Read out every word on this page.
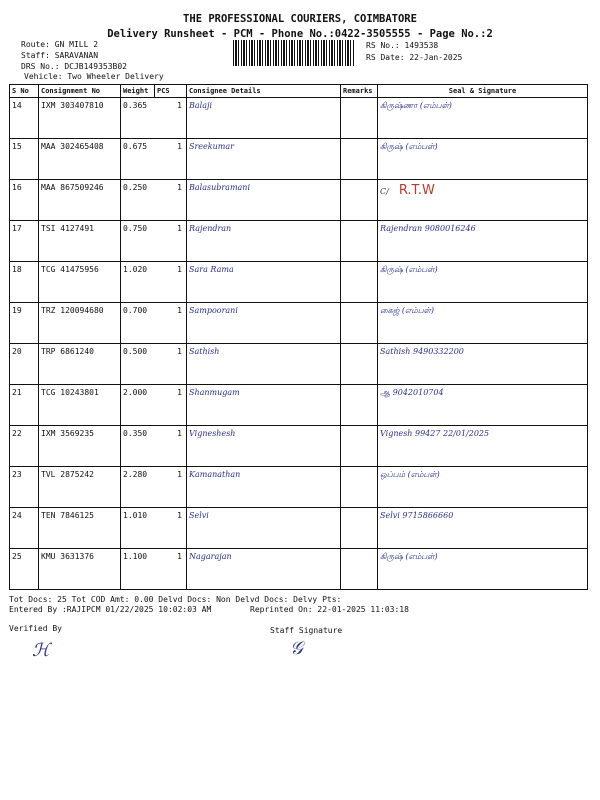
THE PROFESSIONAL COURIERS, COIMBATORE
Delivery Runsheet - PCM - Phone No.:0422-3505555 - Page No.:2
Route: GN MILL 2
Staff: SARAVANAN
DRS No.: DCJB149353B02
Vehicle: Two Wheeler Delivery
RS No.: 1493538
RS Date: 22-Jan-2025
S No	Consignment No	Weight	PCS	Consignee Details	Remarks	Seal & Signature
14	IXM 303407810	0.365 1		Balaji		கிருஷ்ணா (எம்பள்)
15	MAA 302465408	0.675 1		Sreekumar		கிருஷ் (எம்பள்)
16	MAA 867509246	0.250 1		Balasubramani		C/ R.T.W
17	TSI 4127491	0.750 1		Rajendran		Rajendran 9080016246
18	TCG 41475956	1.020 1		Sara Rama		கிருஷ் (எம்பள்)
19	TRZ 120094680	0.700 1		Sampoorani		கைஜ் (எம்பள்)
20	TRP 6861240	0.500 1		Sathish		Sathish 9490332200
21	TCG 10243801	2.000 1		Shanmugam		ஆ 9042010704
22	IXM 3569235	0.350 1		Vigneshesh		Vignesh 99427 22/01/2025
23	TVL 2875242	2.280 1		Kamanathan		ஒப்பம் (எம்பள்)
24	TEN 7846125	1.010 1		Selvi		Selvi 9715866660
25	KMU 3631376	1.100 1		Nagarajan		கிருஷ் (எம்பள்)
Tot Docs: 25 Tot COD Amt: 0.00 Delvd Docs: Non Delvd Docs: Delvy Pts:
Entered By :RAJIPCM 01/22/2025 10:02:03 AM	Reprinted On: 22-01-2025 11:03:18
Verified By	Staff Signature
ℋ	𝒢
